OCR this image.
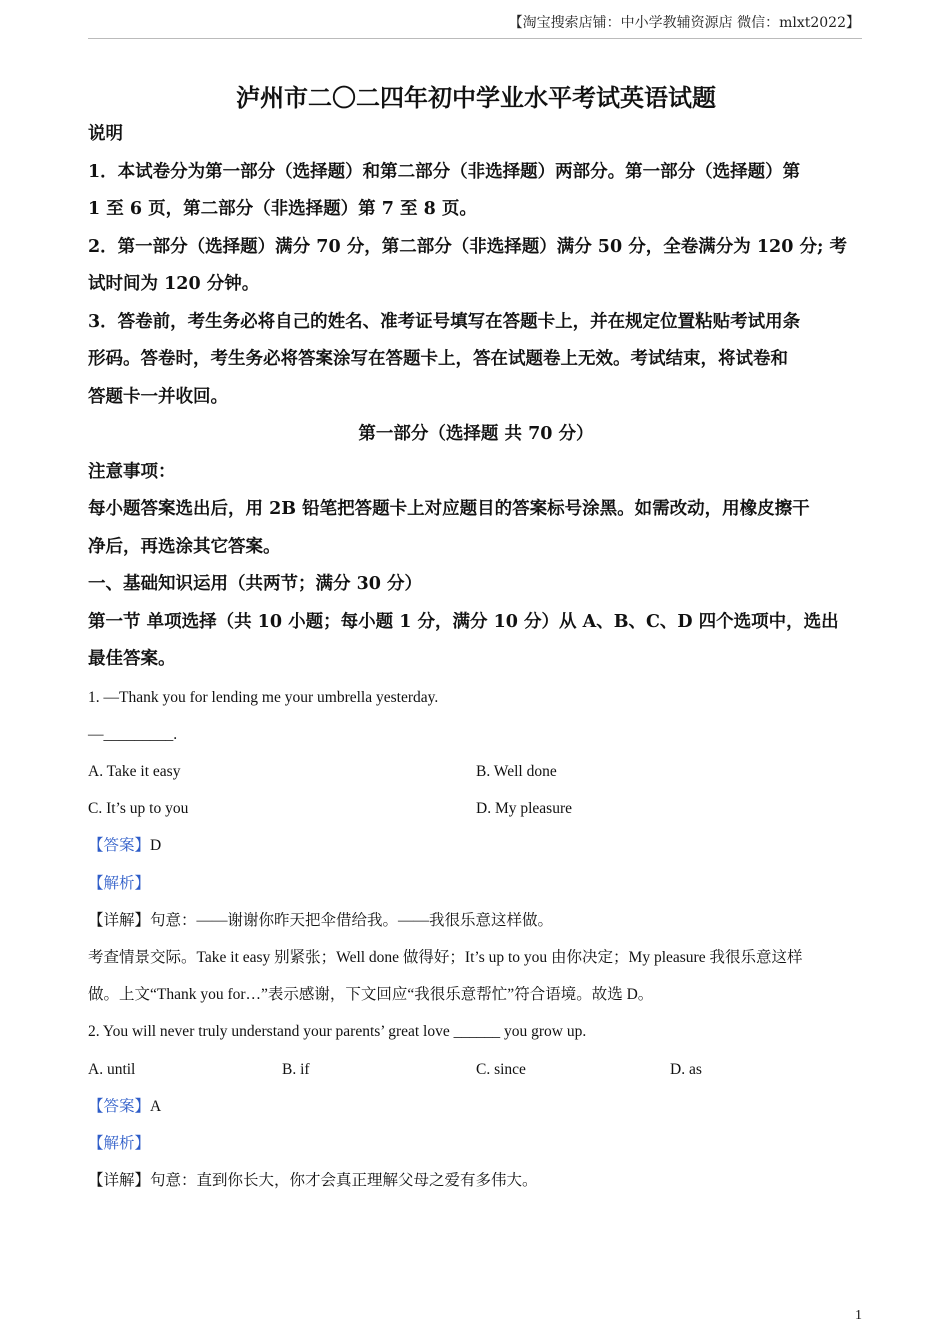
【淘宝搜索店铺：中小学教辅资源店 微信：mlxt2022】
泸州市二〇二四年初中学业水平考试英语试题

说明

1．本试卷分为第一部分（选择题）和第二部分（非选择题）两部分。第一部分（选择题）第

1 至 6 页，第二部分（非选择题）第 7 至 8 页。

2．第一部分（选择题）满分 70 分，第二部分（非选择题）满分 50 分，全卷满分为 120 分; 考

试时间为 120 分钟。

3．答卷前，考生务必将自己的姓名、准考证号填写在答题卡上，并在规定位置粘贴考试用条

形码。答卷时，考生务必将答案涂写在答题卡上，答在试题卷上无效。考试结束，将试卷和

答题卡一并收回。

第一部分（选择题 共 70 分）

注意事项：

每小题答案选出后，用 2B 铅笔把答题卡上对应题目的答案标号涂黑。如需改动，用橡皮擦干

净后，再选涂其它答案。

一、基础知识运用（共两节；满分 30 分）

第一节 单项选择（共 10 小题；每小题 1 分，满分 10 分）从 A、B、C、D 四个选项中，选出

最佳答案。

1. —Thank you for lending me your umbrella yesterday.

—_________.

A. Take it easy	B. Well done
C. It’s up to you	D. My pleasure

【答案】D

【解析】

【详解】句意：——谢谢你昨天把伞借给我。——我很乐意这样做。

考查情景交际。Take it easy 别紧张；Well done 做得好；It’s up to you 由你决定；My pleasure 我很乐意这样

做。上文“Thank you for…”表示感谢，下文回应“我很乐意帮忙”符合语境。故选 D。

2. You will never truly understand your parents’ great love ______ you grow up.

A. until	B. if	C. since	D. as

【答案】A

【解析】

【详解】句意：直到你长大，你才会真正理解父母之爱有多伟大。

1
